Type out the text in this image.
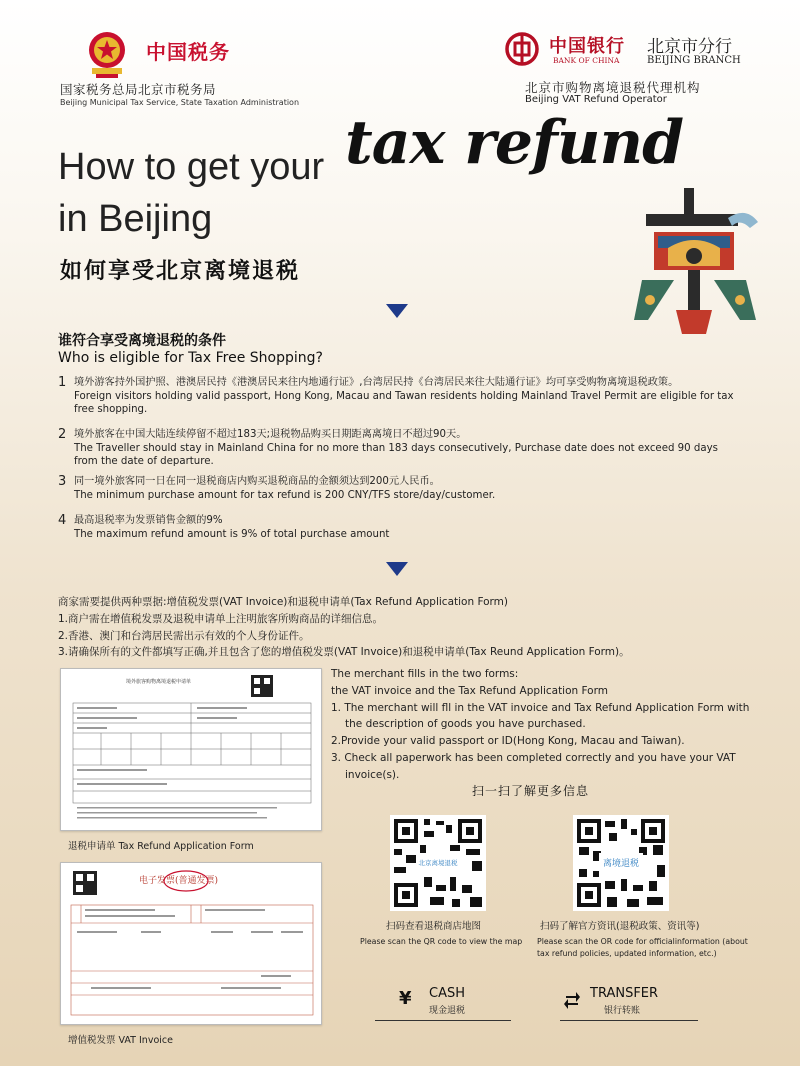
中国税务
国家税务总局北京市税务局
Beijing Municipal Tax Service, State Taxation Administration
中国银行
BANK OF CHINA
北京市分行
BEIJING BRANCH
北京市购物离境退税代理机构
Beijing VAT Refund Operator
How to get your tax refund
in Beijing
如何享受北京离境退税
谁符合享受离境退税的条件
Who is eligible for Tax Free Shopping?
1 境外游客持外国护照、港澳居民持《港澳居民来往内地通行证》,台湾居民持《台湾居民来往大陆通行证》均可享受购物离境退税政策。
Foreign visitors holding valid passport, Hong Kong, Macau and Tawan residents holding Mainland Travel Permit are eligible for tax free shopping.
2 境外旅客在中国大陆连续停留不超过183天;退税物品购买日期距离离境日不超过90天。
The Traveller should stay in Mainland China for no more than 183 days consecutively, Purchase date does not exceed 90 days from the date of departure.
3 同一境外旅客同一日在同一退税商店内购买退税商品的金额须达到200元人民币。
The minimum purchase amount for tax refund is 200 CNY/TFS store/day/customer.
4 最高退税率为发票销售金额的9%
The maximum refund amount is 9% of total purchase amount
商家需要提供两种票据:增值税发票(VAT Invoice)和退税申请单(Tax Refund Application Form)
1.商户需在增值税发票及退税申请单上注明旅客所购商品的详细信息。
2.香港、澳门和台湾居民需出示有效的个人身份证件。
3.请确保所有的文件都填写正确,并且包含了您的增值税发票(VAT Invoice)和退税申请单(Tax Reund Application Form)。
境外旅客购物离境退税申请单
退税申请单 Tax Refund Application Form
电子发票(普通发票)
增值税发票 VAT Invoice
The merchant fills in the two forms:
the VAT invoice and the Tax Refund Application Form
1. The merchant will fll in the VAT invoice and Tax Refund Application Form with
the description of goods you have purchased.
2.Provide your valid passport or ID(Hong Kong, Macau and Taiwan).
3. Check all paperwork has been completed correctly and you have your VAT
invoice(s).
扫一扫了解更多信息
北京离境退税	离境退税
扫码查看退税商店地图	扫码了解官方资讯(退税政策、资讯等)
Please scan the QR code to view the map Please scan the OR code for officialinformation (about tax refund policies, updated information, etc.)
¥ CASH
现金退税
TRANSFER
银行转账
